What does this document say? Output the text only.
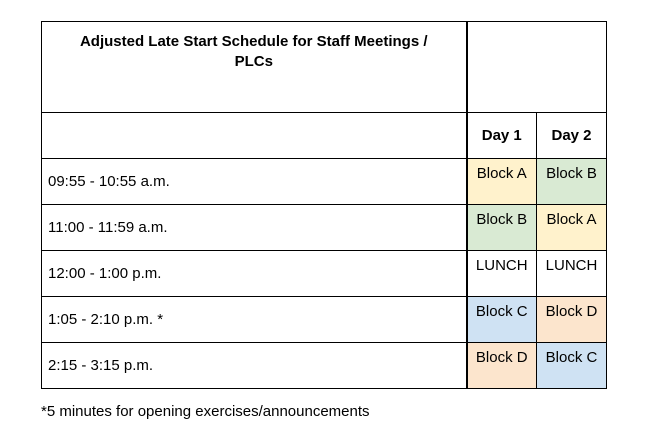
Adjusted Late Start Schedule for Staff Meetings / PLCs		
	Day 1	Day 2
09:55 - 10:55 a.m.	Block A	Block B
11:00 - 11:59 a.m.	Block B	Block A
12:00 - 1:00 p.m.	LUNCH	LUNCH
1:05 - 2:10 p.m. *	Block C	Block D
2:15 - 3:15 p.m.	Block D	Block C
*5 minutes for opening exercises/announcements
